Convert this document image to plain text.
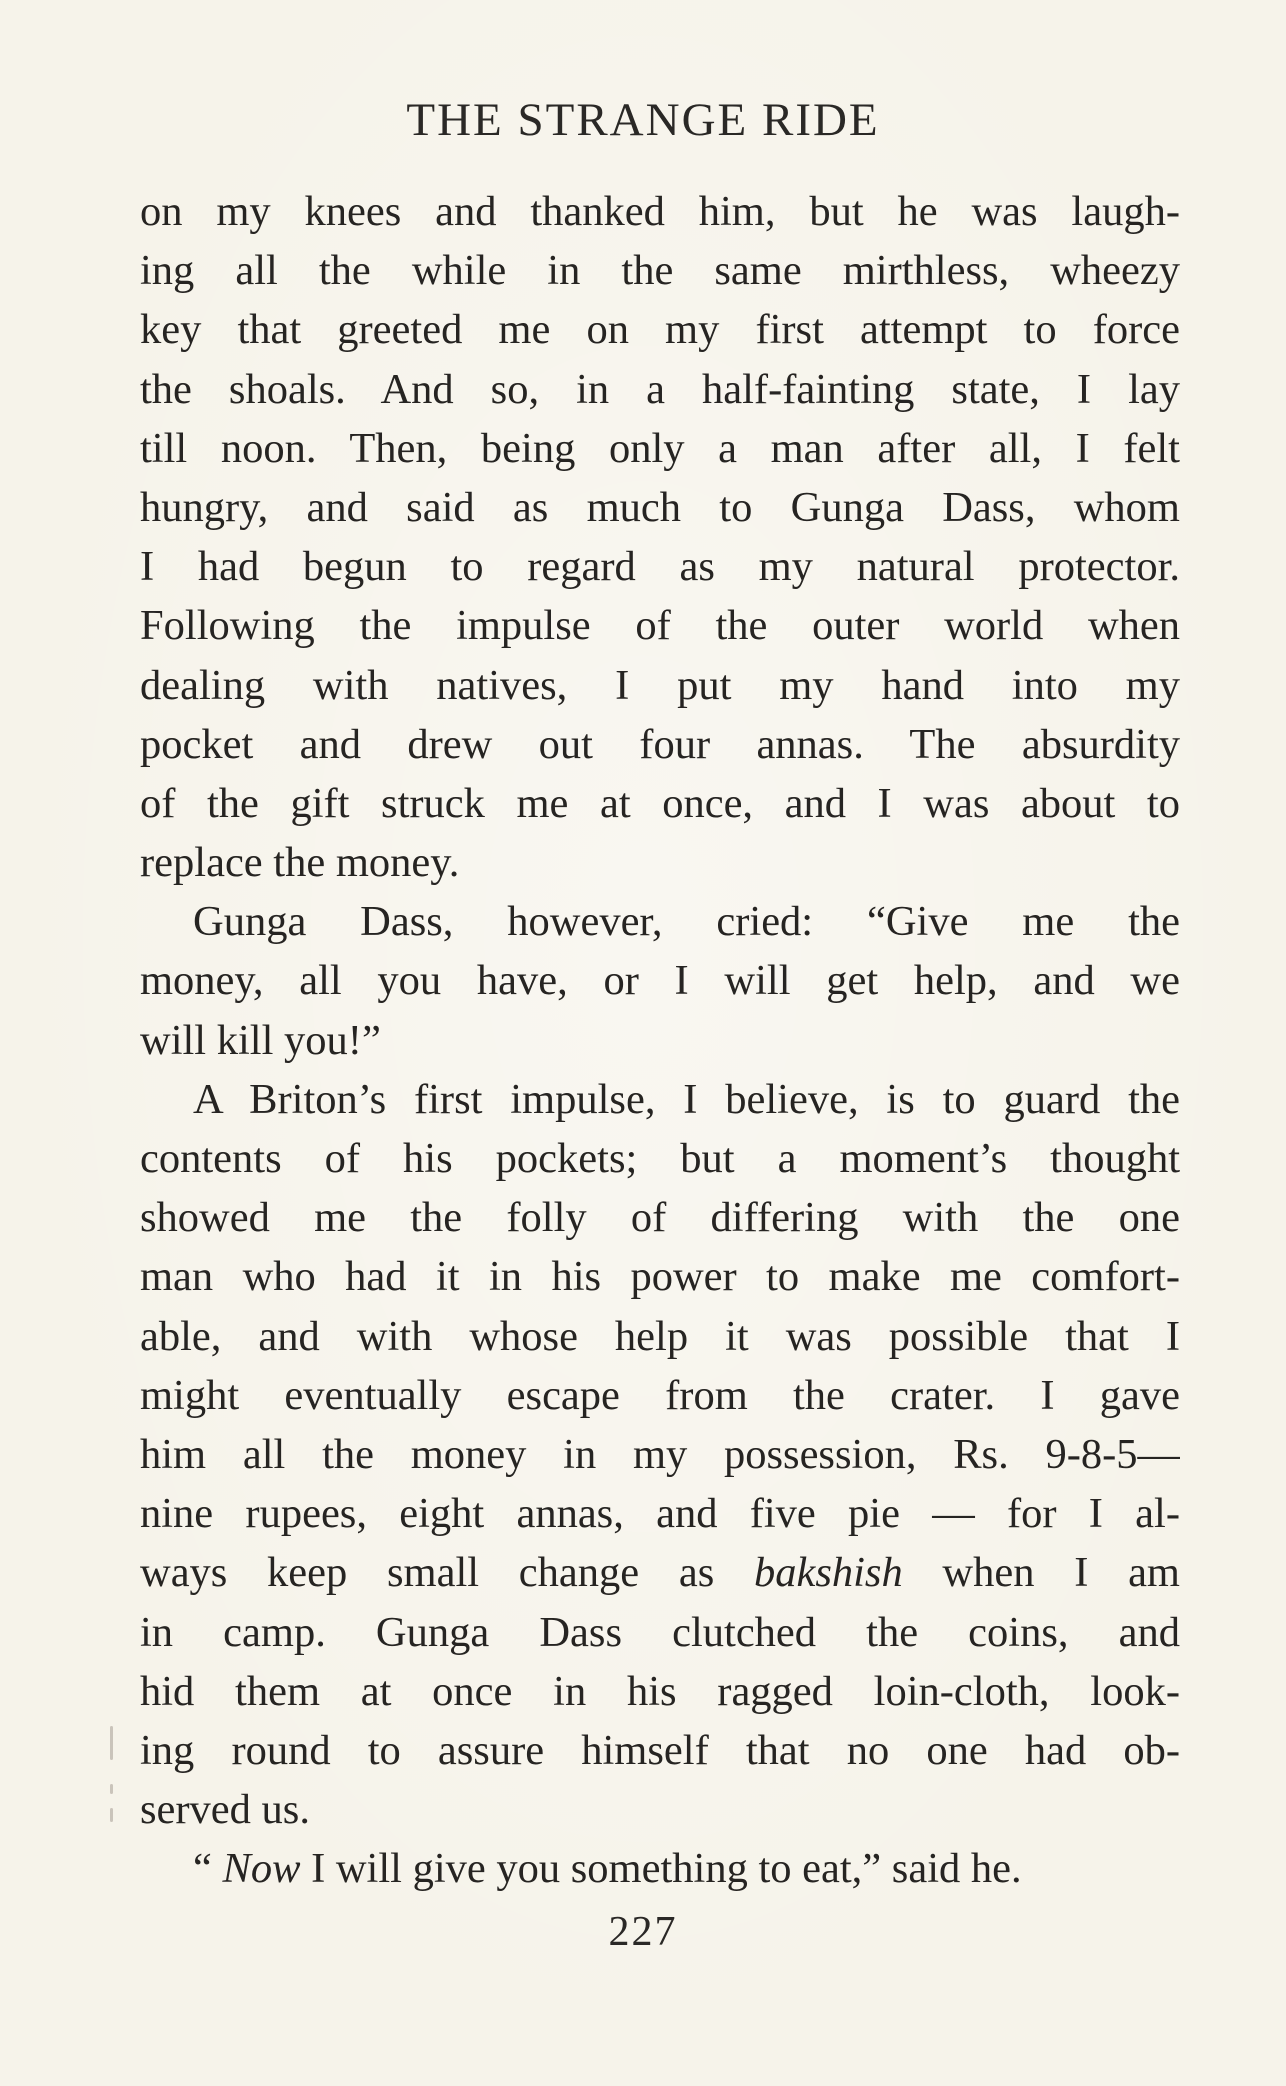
THE STRANGE RIDE
on my knees and thanked him, but he was laugh-
ing all the while in the same mirthless, wheezy
key that greeted me on my first attempt to force
the shoals. And so, in a half-fainting state, I lay
till noon. Then, being only a man after all, I felt
hungry, and said as much to Gunga Dass, whom
I had begun to regard as my natural protector.
Following the impulse of the outer world when
dealing with natives, I put my hand into my
pocket and drew out four annas. The absurdity
of the gift struck me at once, and I was about to
replace the money.
Gunga Dass, however, cried: “Give me the
money, all you have, or I will get help, and we
will kill you!”
A Briton’s first impulse, I believe, is to guard the
contents of his pockets; but a moment’s thought
showed me the folly of differing with the one
man who had it in his power to make me comfort-
able, and with whose help it was possible that I
might eventually escape from the crater. I gave
him all the money in my possession, Rs. 9-8-5—
nine rupees, eight annas, and five pie — for I al-
ways keep small change as bakshish when I am
in camp. Gunga Dass clutched the coins, and
hid them at once in his ragged loin-cloth, look-
ing round to assure himself that no one had ob-
served us.
“ Now I will give you something to eat,” said he.
227
